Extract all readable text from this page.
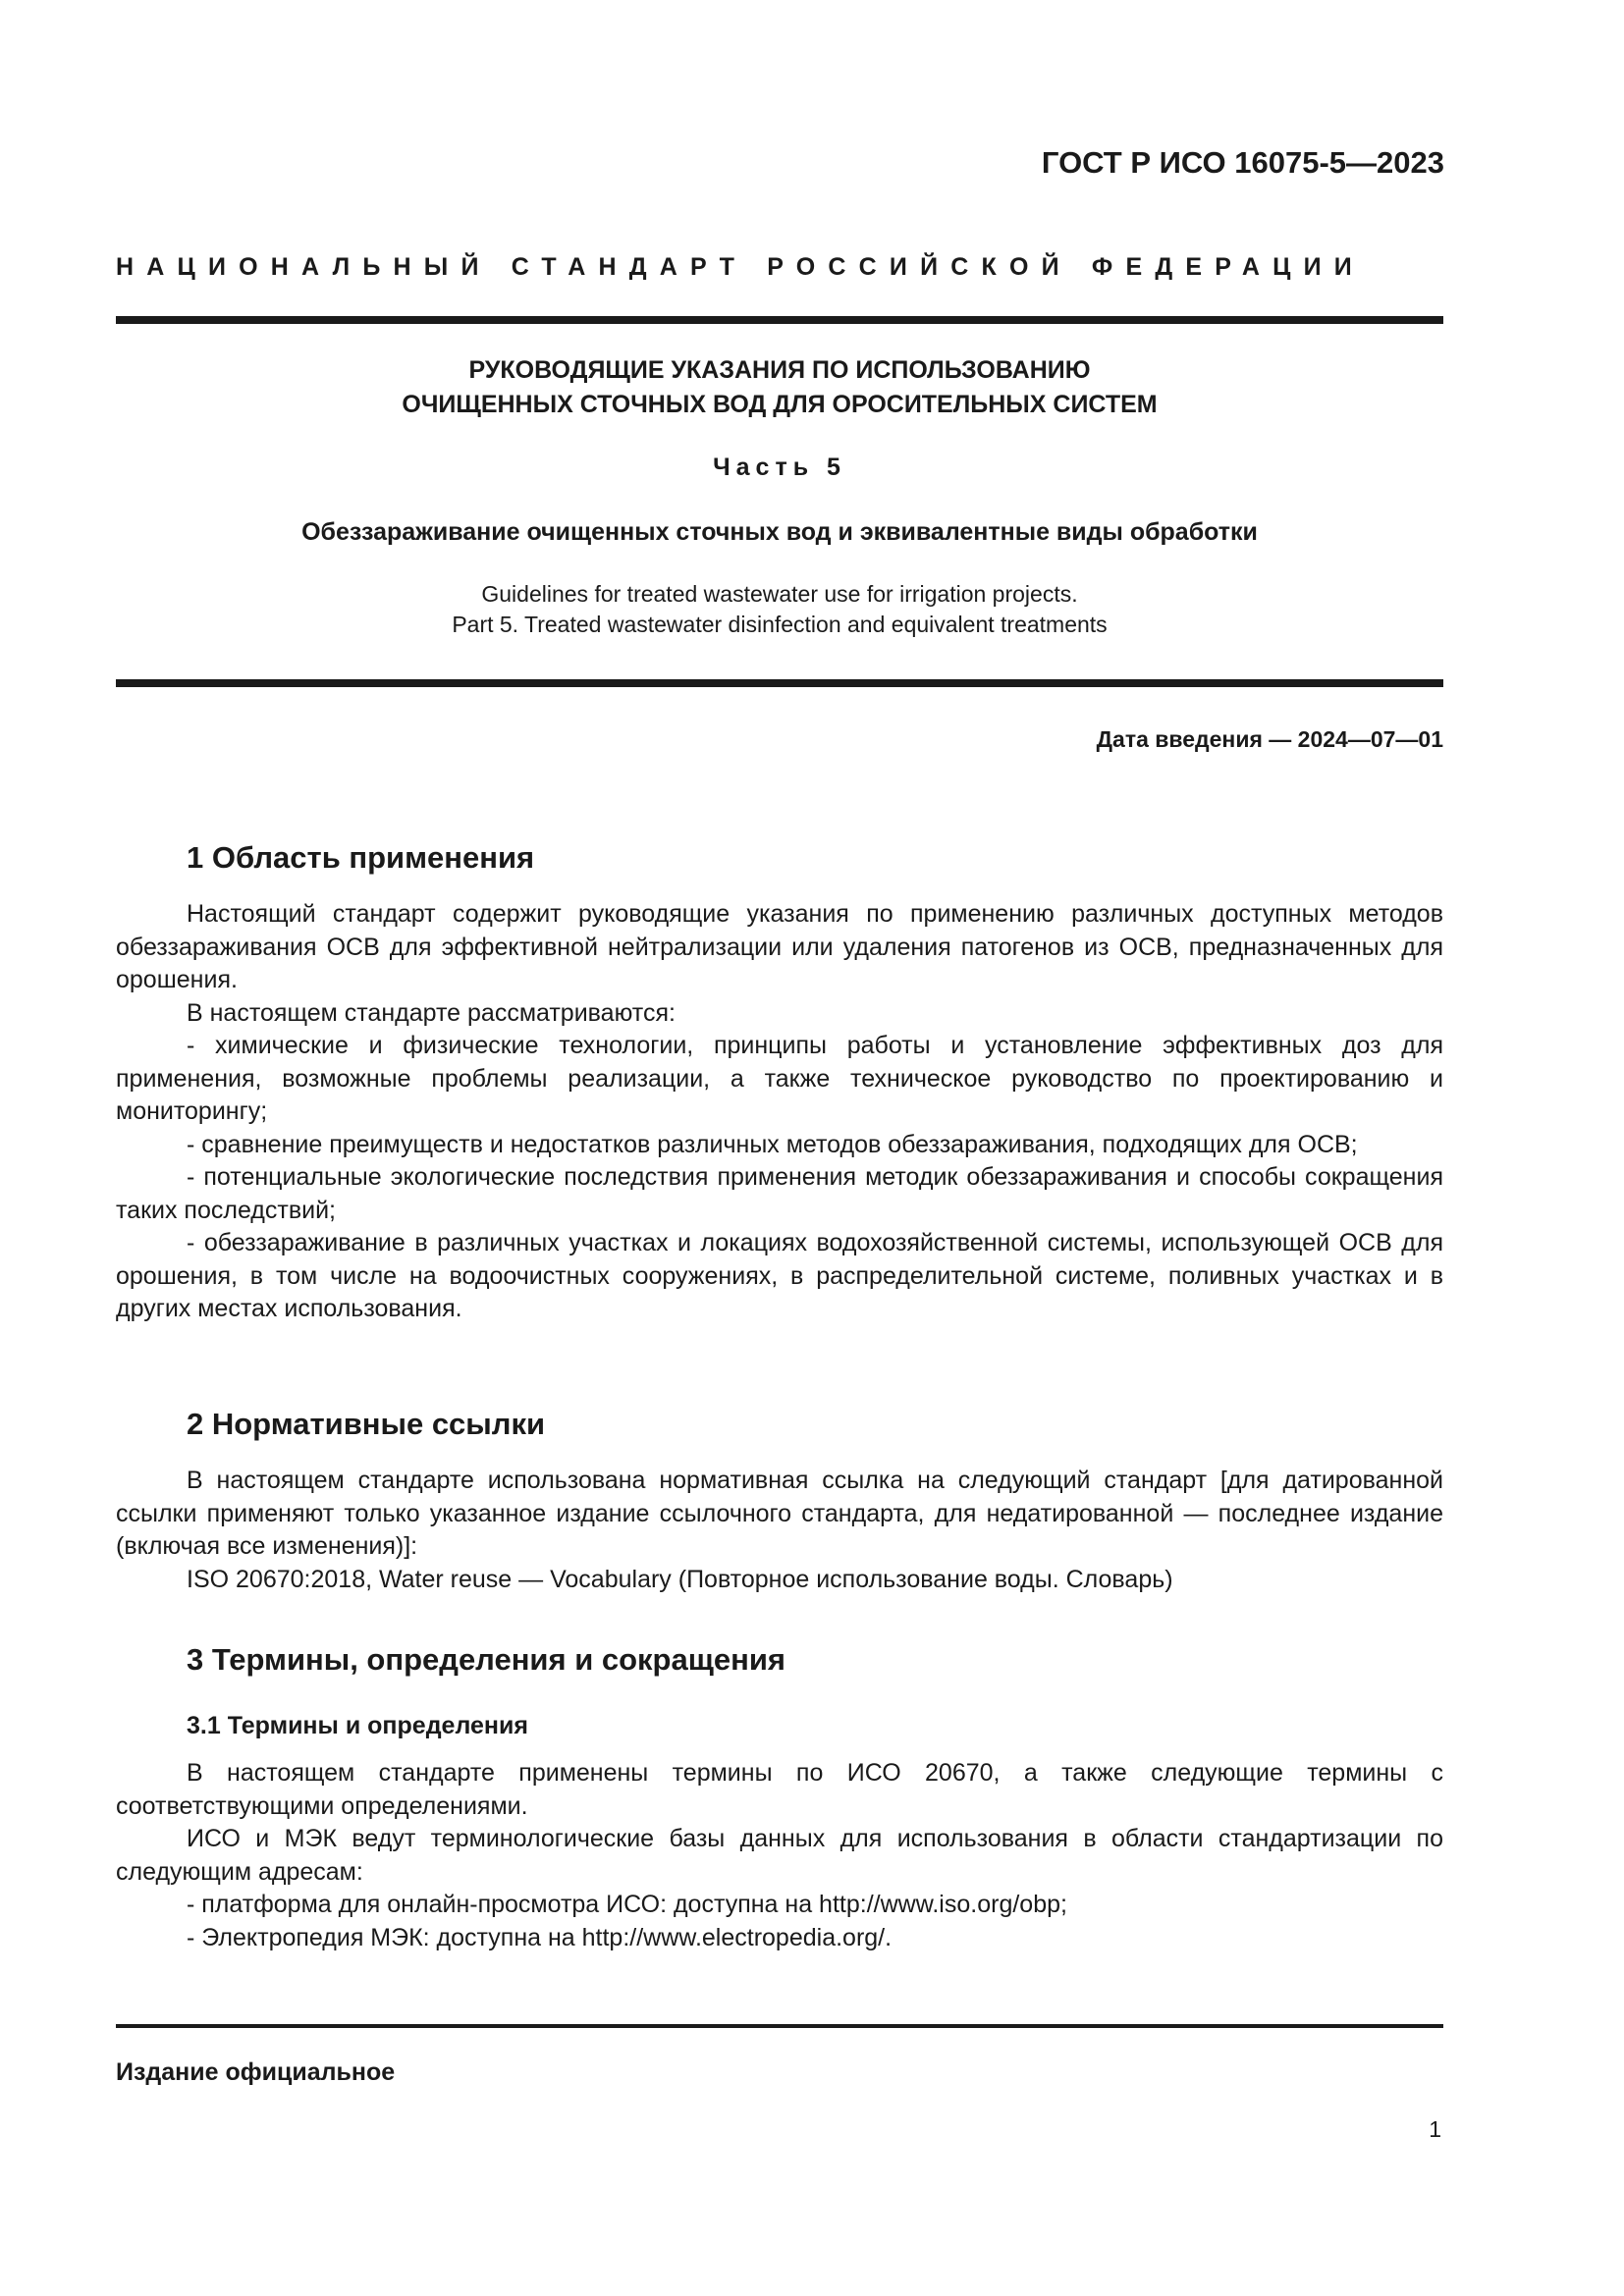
ГОСТ Р ИСО 16075-5—2023
НАЦИОНАЛЬНЫЙ СТАНДАРТ РОССИЙСКОЙ ФЕДЕРАЦИИ
РУКОВОДЯЩИЕ УКАЗАНИЯ ПО ИСПОЛЬЗОВАНИЮ
ОЧИЩЕННЫХ СТОЧНЫХ ВОД ДЛЯ ОРОСИТЕЛЬНЫХ СИСТЕМ
Часть 5
Обеззараживание очищенных сточных вод и эквивалентные виды обработки
Guidelines for treated wastewater use for irrigation projects.
Part 5. Treated wastewater disinfection and equivalent treatments
Дата введения — 2024—07—01
1 Область применения

Настоящий стандарт содержит руководящие указания по применению различных доступных методов обеззараживания ОСВ для эффективной нейтрализации или удаления патогенов из ОСВ, предназначенных для орошения.

В настоящем стандарте рассматриваются:

- химические и физические технологии, принципы работы и установление эффективных доз для применения, возможные проблемы реализации, а также техническое руководство по проектированию и мониторингу;

- сравнение преимуществ и недостатков различных методов обеззараживания, подходящих для ОСВ;

- потенциальные экологические последствия применения методик обеззараживания и способы сокращения таких последствий;

- обеззараживание в различных участках и локациях водохозяйственной системы, использующей ОСВ для орошения, в том числе на водоочистных сооружениях, в распределительной системе, поливных участках и в других местах использования.

2 Нормативные ссылки

В настоящем стандарте использована нормативная ссылка на следующий стандарт [для датированной ссылки применяют только указанное издание ссылочного стандарта, для недатированной — последнее издание (включая все изменения)]:

ISO 20670:2018, Water reuse — Vocabulary (Повторное использование воды. Словарь)

3 Термины, определения и сокращения
3.1 Термины и определения

В настоящем стандарте применены термины по ИСО 20670, а также следующие термины с соответствующими определениями.

ИСО и МЭК ведут терминологические базы данных для использования в области стандартизации по следующим адресам:

- платформа для онлайн-просмотра ИСО: доступна на http://www.iso.org/obp;

- Электропедия МЭК: доступна на http://www.electropedia.org/.

Издание официальное
1
